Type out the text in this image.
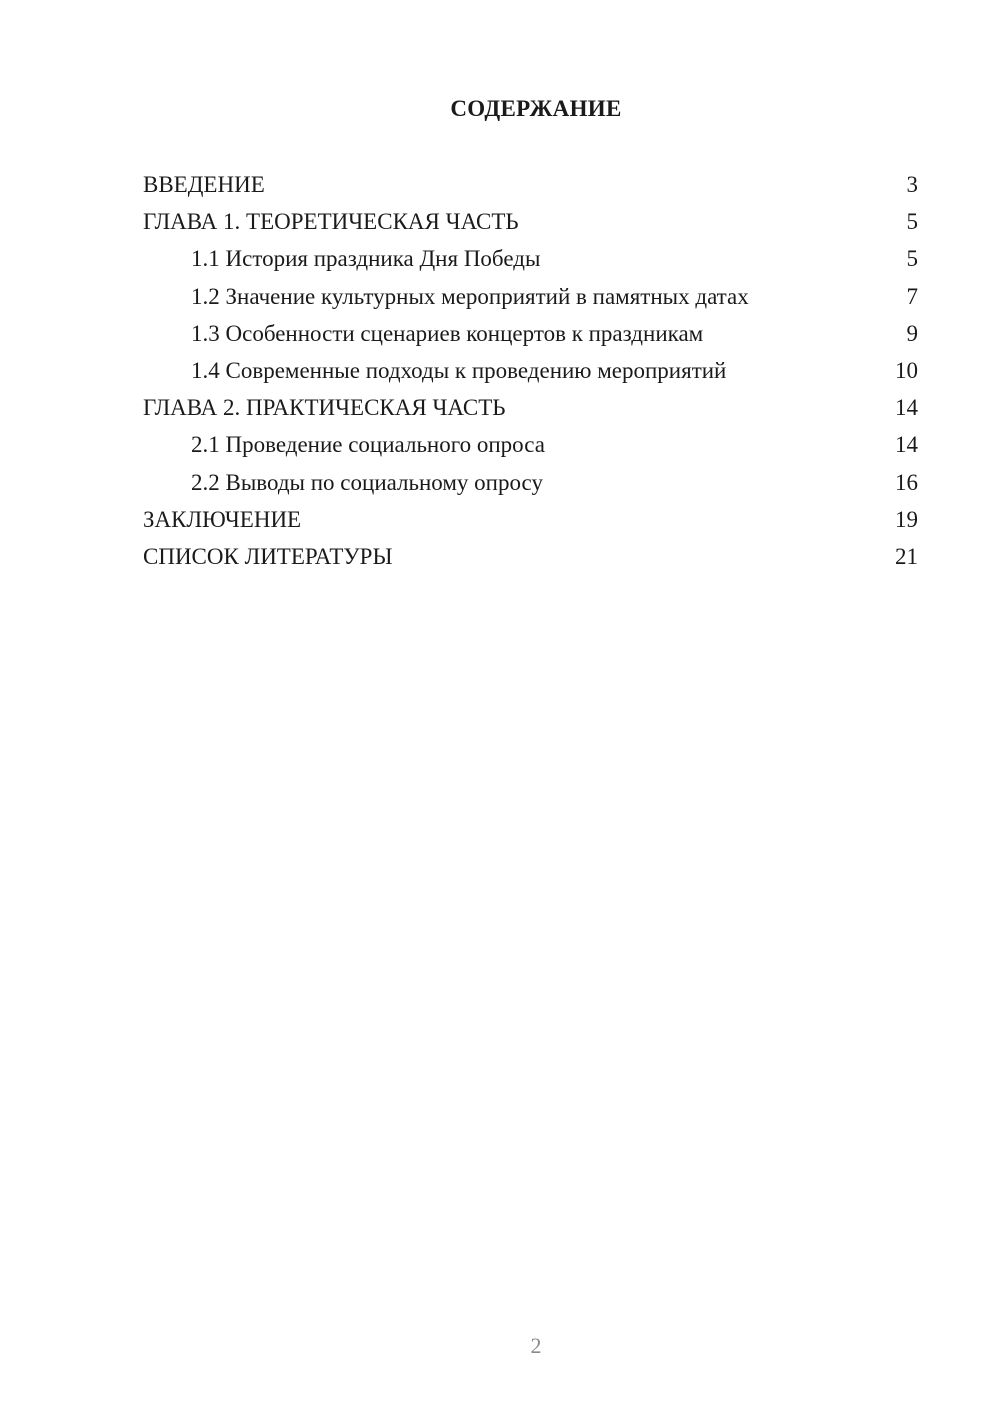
СОДЕРЖАНИЕ
ВВЕДЕНИЕ	3
ГЛАВА 1. ТЕОРЕТИЧЕСКАЯ ЧАСТЬ	5
1.1 История праздника Дня Победы	5
1.2 Значение культурных мероприятий в памятных датах	7
1.3 Особенности сценариев концертов к праздникам	9
1.4 Современные подходы к проведению мероприятий	10
ГЛАВА 2. ПРАКТИЧЕСКАЯ ЧАСТЬ	14
2.1 Проведение социального опроса	14
2.2 Выводы по социальному опросу	16
ЗАКЛЮЧЕНИЕ	19
СПИСОК ЛИТЕРАТУРЫ	21
2
